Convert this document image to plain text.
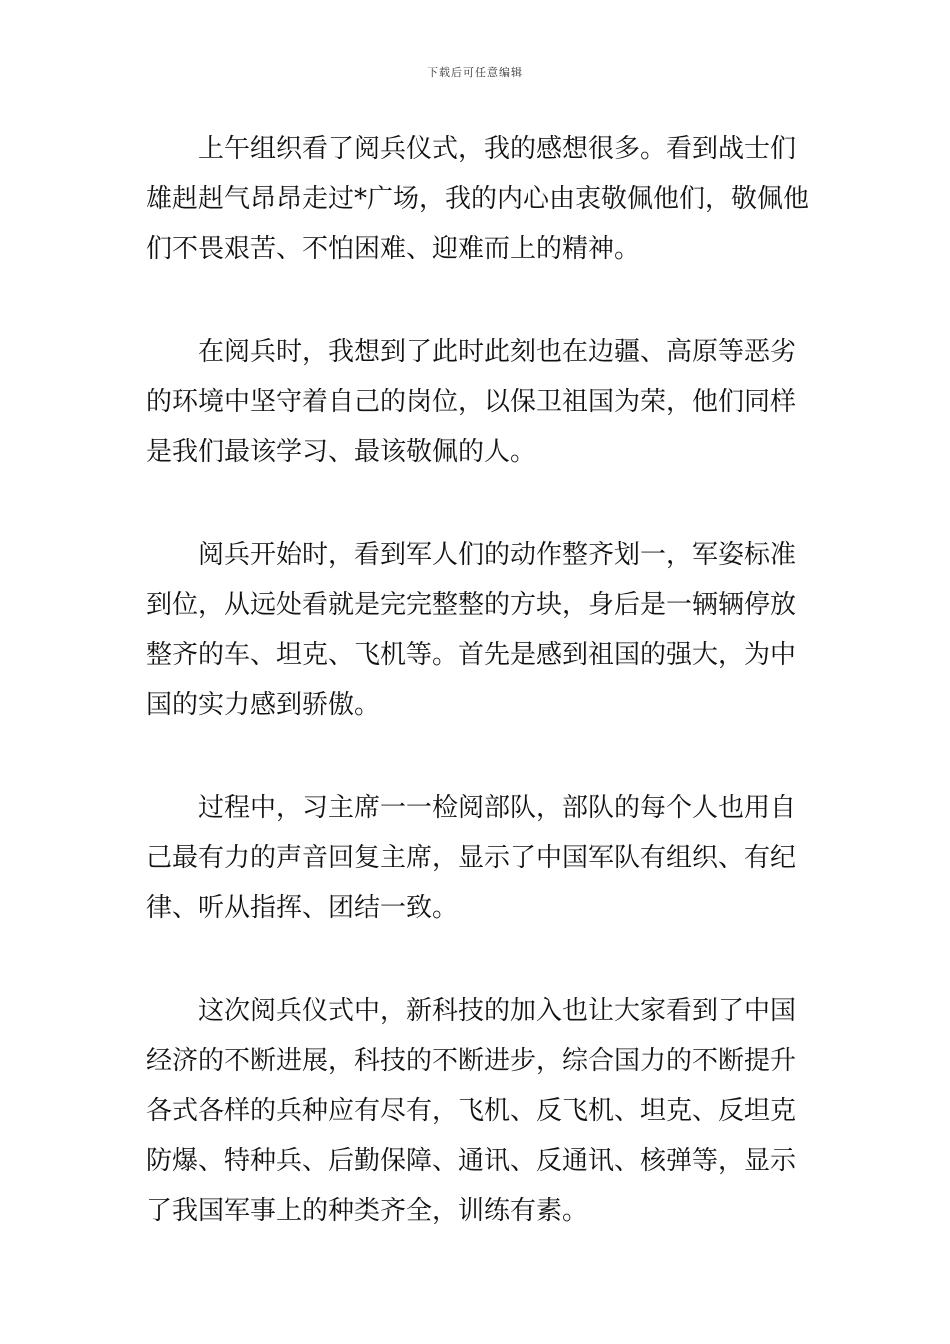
下载后可任意编辑

上午组织看了阅兵仪式，我的感想很多。看到战士们
雄赳赳气昂昂走过*广场，我的内心由衷敬佩他们，敬佩他
们不畏艰苦、不怕困难、迎难而上的精神。

在阅兵时，我想到了此时此刻也在边疆、高原等恶劣
的环境中坚守着自己的岗位，以保卫祖国为荣，他们同样
是我们最该学习、最该敬佩的人。

阅兵开始时，看到军人们的动作整齐划一，军姿标准
到位，从远处看就是完完整整的方块，身后是一辆辆停放
整齐的车、坦克、飞机等。首先是感到祖国的强大，为中
国的实力感到骄傲。

过程中，习主席一一检阅部队，部队的每个人也用自
己最有力的声音回复主席，显示了中国军队有组织、有纪
律、听从指挥、团结一致。

这次阅兵仪式中，新科技的加入也让大家看到了中国
经济的不断进展，科技的不断进步，综合国力的不断提升
各式各样的兵种应有尽有，飞机、反飞机、坦克、反坦克
防爆、特种兵、后勤保障、通讯、反通讯、核弹等，显示
了我国军事上的种类齐全，训练有素。
